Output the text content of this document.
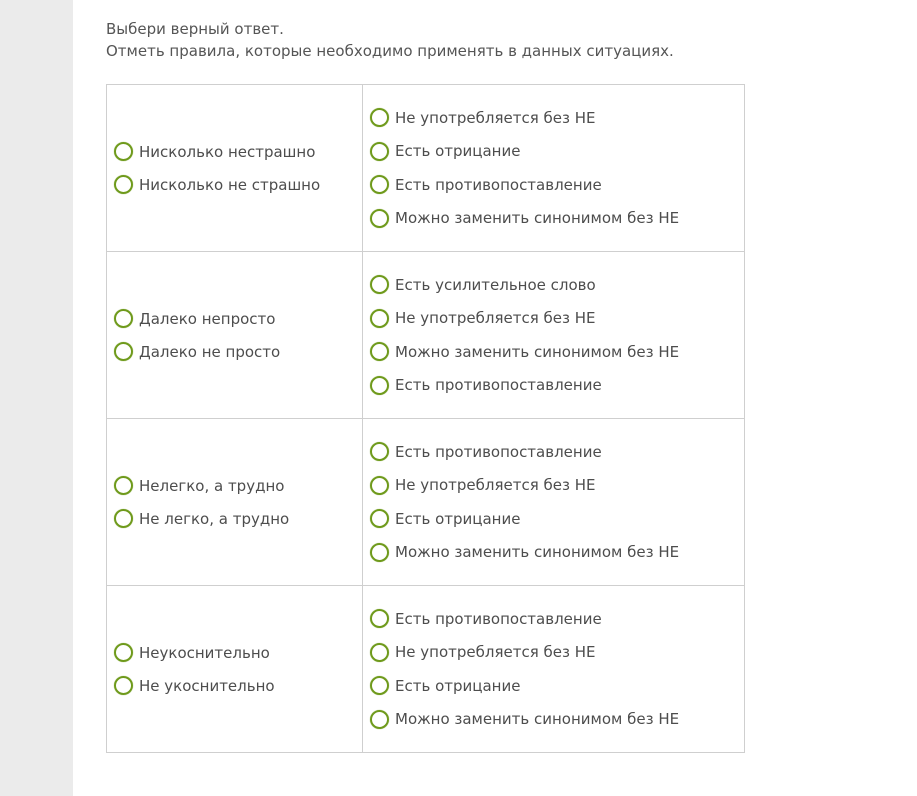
Выбери верный ответ.
Отметь правила, которые необходимо применять в данных ситуациях.
Нисколько нестрашно
Нисколько не страшно	Не употребляется без НЕ
Есть отрицание
Есть противопоставление
Можно заменить синонимом без НЕ

Далеко непросто
Далеко не просто	Есть усилительное слово
Не употребляется без НЕ
Можно заменить синонимом без НЕ
Есть противопоставление

Нелегко, а трудно
Не легко, а трудно	Есть противопоставление
Не употребляется без НЕ
Есть отрицание
Можно заменить синонимом без НЕ

Неукоснительно
Не укоснительно	Есть противопоставление
Не употребляется без НЕ
Есть отрицание
Можно заменить синонимом без НЕ
